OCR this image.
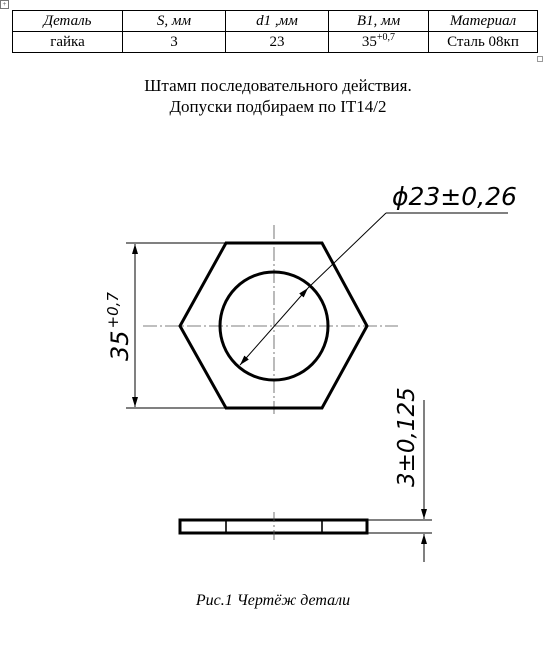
+
Деталь	S, мм	d1 ,мм	B1, мм	Материал
гайка	3	23	$35^{+0,7}$	Сталь 08кп
Штамп последовательного действия.
Допуски подбираем по IT14/2
ϕ23±0,26
$35^{+0,7}$
3±0,125
Рис.1 Чертёж детали
